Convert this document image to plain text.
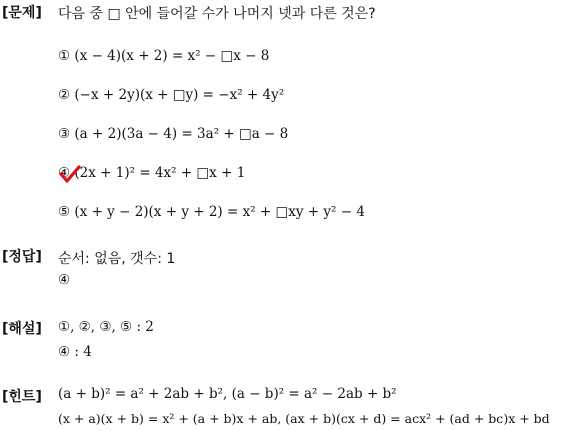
[문제] 다음 중 □ 안에 들어갈 수가 나머지 넷과 다른 것은?
① (x − 4)(x + 2) = x² − □x − 8
② (−x + 2y)(x + □y) = −x² + 4y²
③ (a + 2)(3a − 4) = 3a² + □a − 8
④ (2x + 1)² = 4x² + □x + 1
⑤ (x + y − 2)(x + y + 2) = x² + □xy + y² − 4
[정답] 순서: 없음, 갯수: 1
④
[해설] ①, ②, ③, ⑤ : 2
④ : 4
[힌트] (a + b)² = a² + 2ab + b², (a − b)² = a² − 2ab + b²
(x + a)(x + b) = x² + (a + b)x + ab, (ax + b)(cx + d) = acx² + (ad + bc)x + bd
